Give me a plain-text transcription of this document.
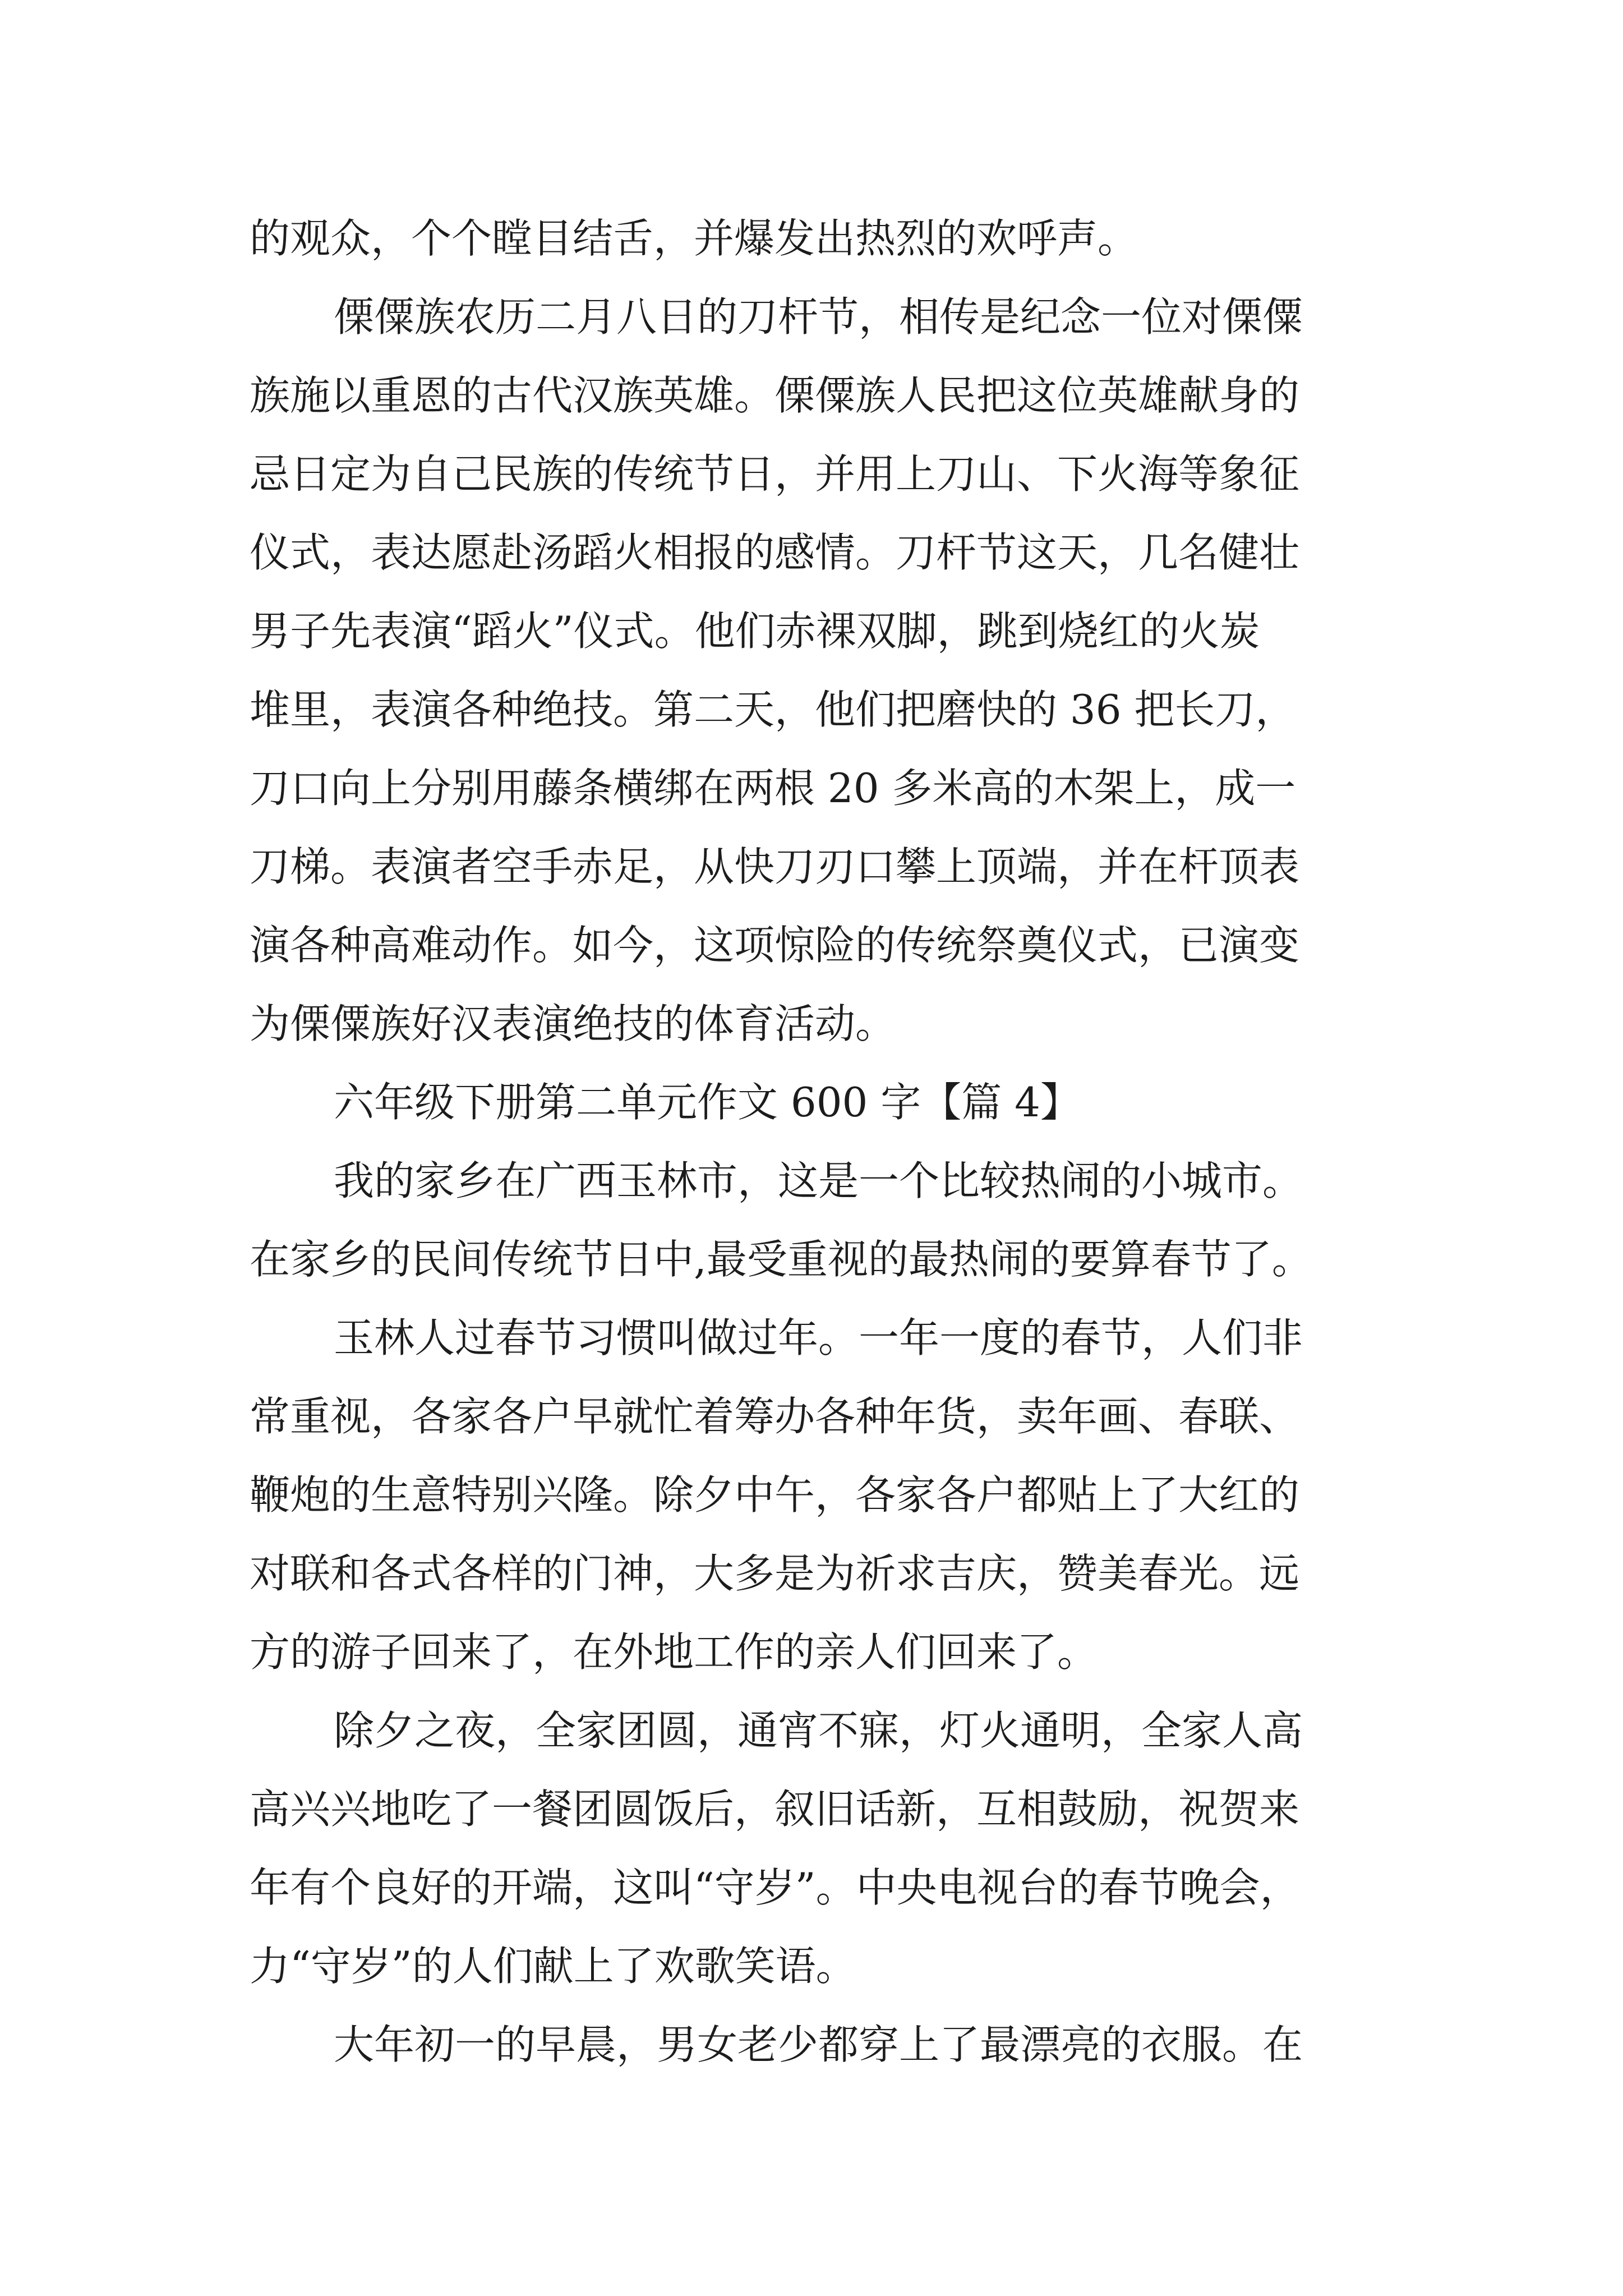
的观众，个个瞠目结舌，并爆发出热烈的欢呼声。
傈僳族农历二月八日的刀杆节，相传是纪念一位对傈僳
族施以重恩的古代汉族英雄。傈僳族人民把这位英雄献身的
忌日定为自己民族的传统节日，并用上刀山、下火海等象征
仪式，表达愿赴汤蹈火相报的感情。刀杆节这天，几名健壮
男子先表演“蹈火”仪式。他们赤裸双脚，跳到烧红的火炭
堆里，表演各种绝技。第二天，他们把磨快的 36 把长刀，
刀口向上分别用藤条横绑在两根 20 多米高的木架上，成一
刀梯。表演者空手赤足，从快刀刃口攀上顶端，并在杆顶表
演各种高难动作。如今，这项惊险的传统祭奠仪式，已演变
为傈僳族好汉表演绝技的体育活动。
六年级下册第二单元作文 600 字【篇 4】
我的家乡在广西玉林市，这是一个比较热闹的小城市。
在家乡的民间传统节日中,最受重视的最热闹的要算春节了。
玉林人过春节习惯叫做过年。一年一度的春节，人们非
常重视，各家各户早就忙着筹办各种年货，卖年画、春联、
鞭炮的生意特别兴隆。除夕中午，各家各户都贴上了大红的
对联和各式各样的门神，大多是为祈求吉庆，赞美春光。远
方的游子回来了，在外地工作的亲人们回来了。
除夕之夜，全家团圆，通宵不寐，灯火通明，全家人高
高兴兴地吃了一餐团圆饭后，叙旧话新，互相鼓励，祝贺来
年有个良好的开端，这叫“守岁”。中央电视台的春节晚会，
力“守岁”的人们献上了欢歌笑语。
大年初一的早晨，男女老少都穿上了最漂亮的衣服。在
